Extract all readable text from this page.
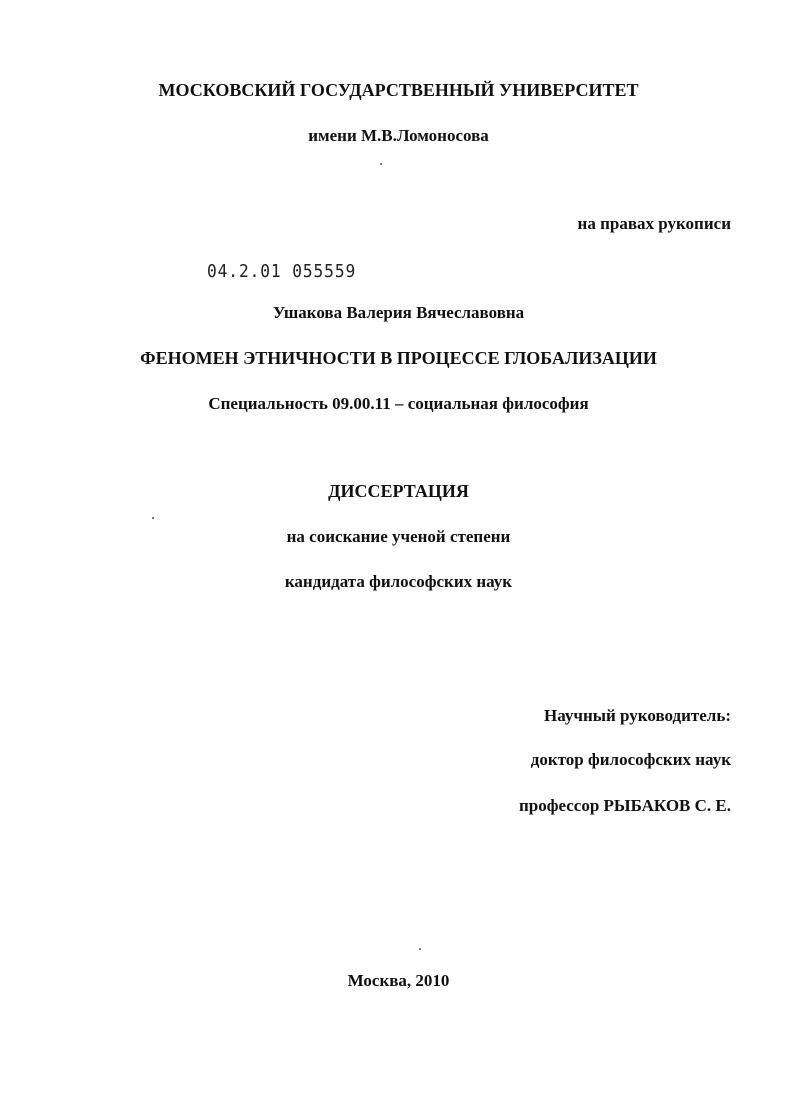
МОСКОВСКИЙ ГОСУДАРСТВЕННЫЙ УНИВЕРСИТЕТ
имени М.В.Ломоносова
на правах рукописи
04.2.01 055559
Ушакова Валерия Вячеславовна
ФЕНОМЕН ЭТНИЧНОСТИ В ПРОЦЕССЕ ГЛОБАЛИЗАЦИИ
Специальность 09.00.11 – социальная философия
ДИССЕРТАЦИЯ
на соискание ученой степени
кандидата философских наук
Научный руководитель:
доктор философских наук
профессор РЫБАКОВ С. Е.
Москва, 2010
